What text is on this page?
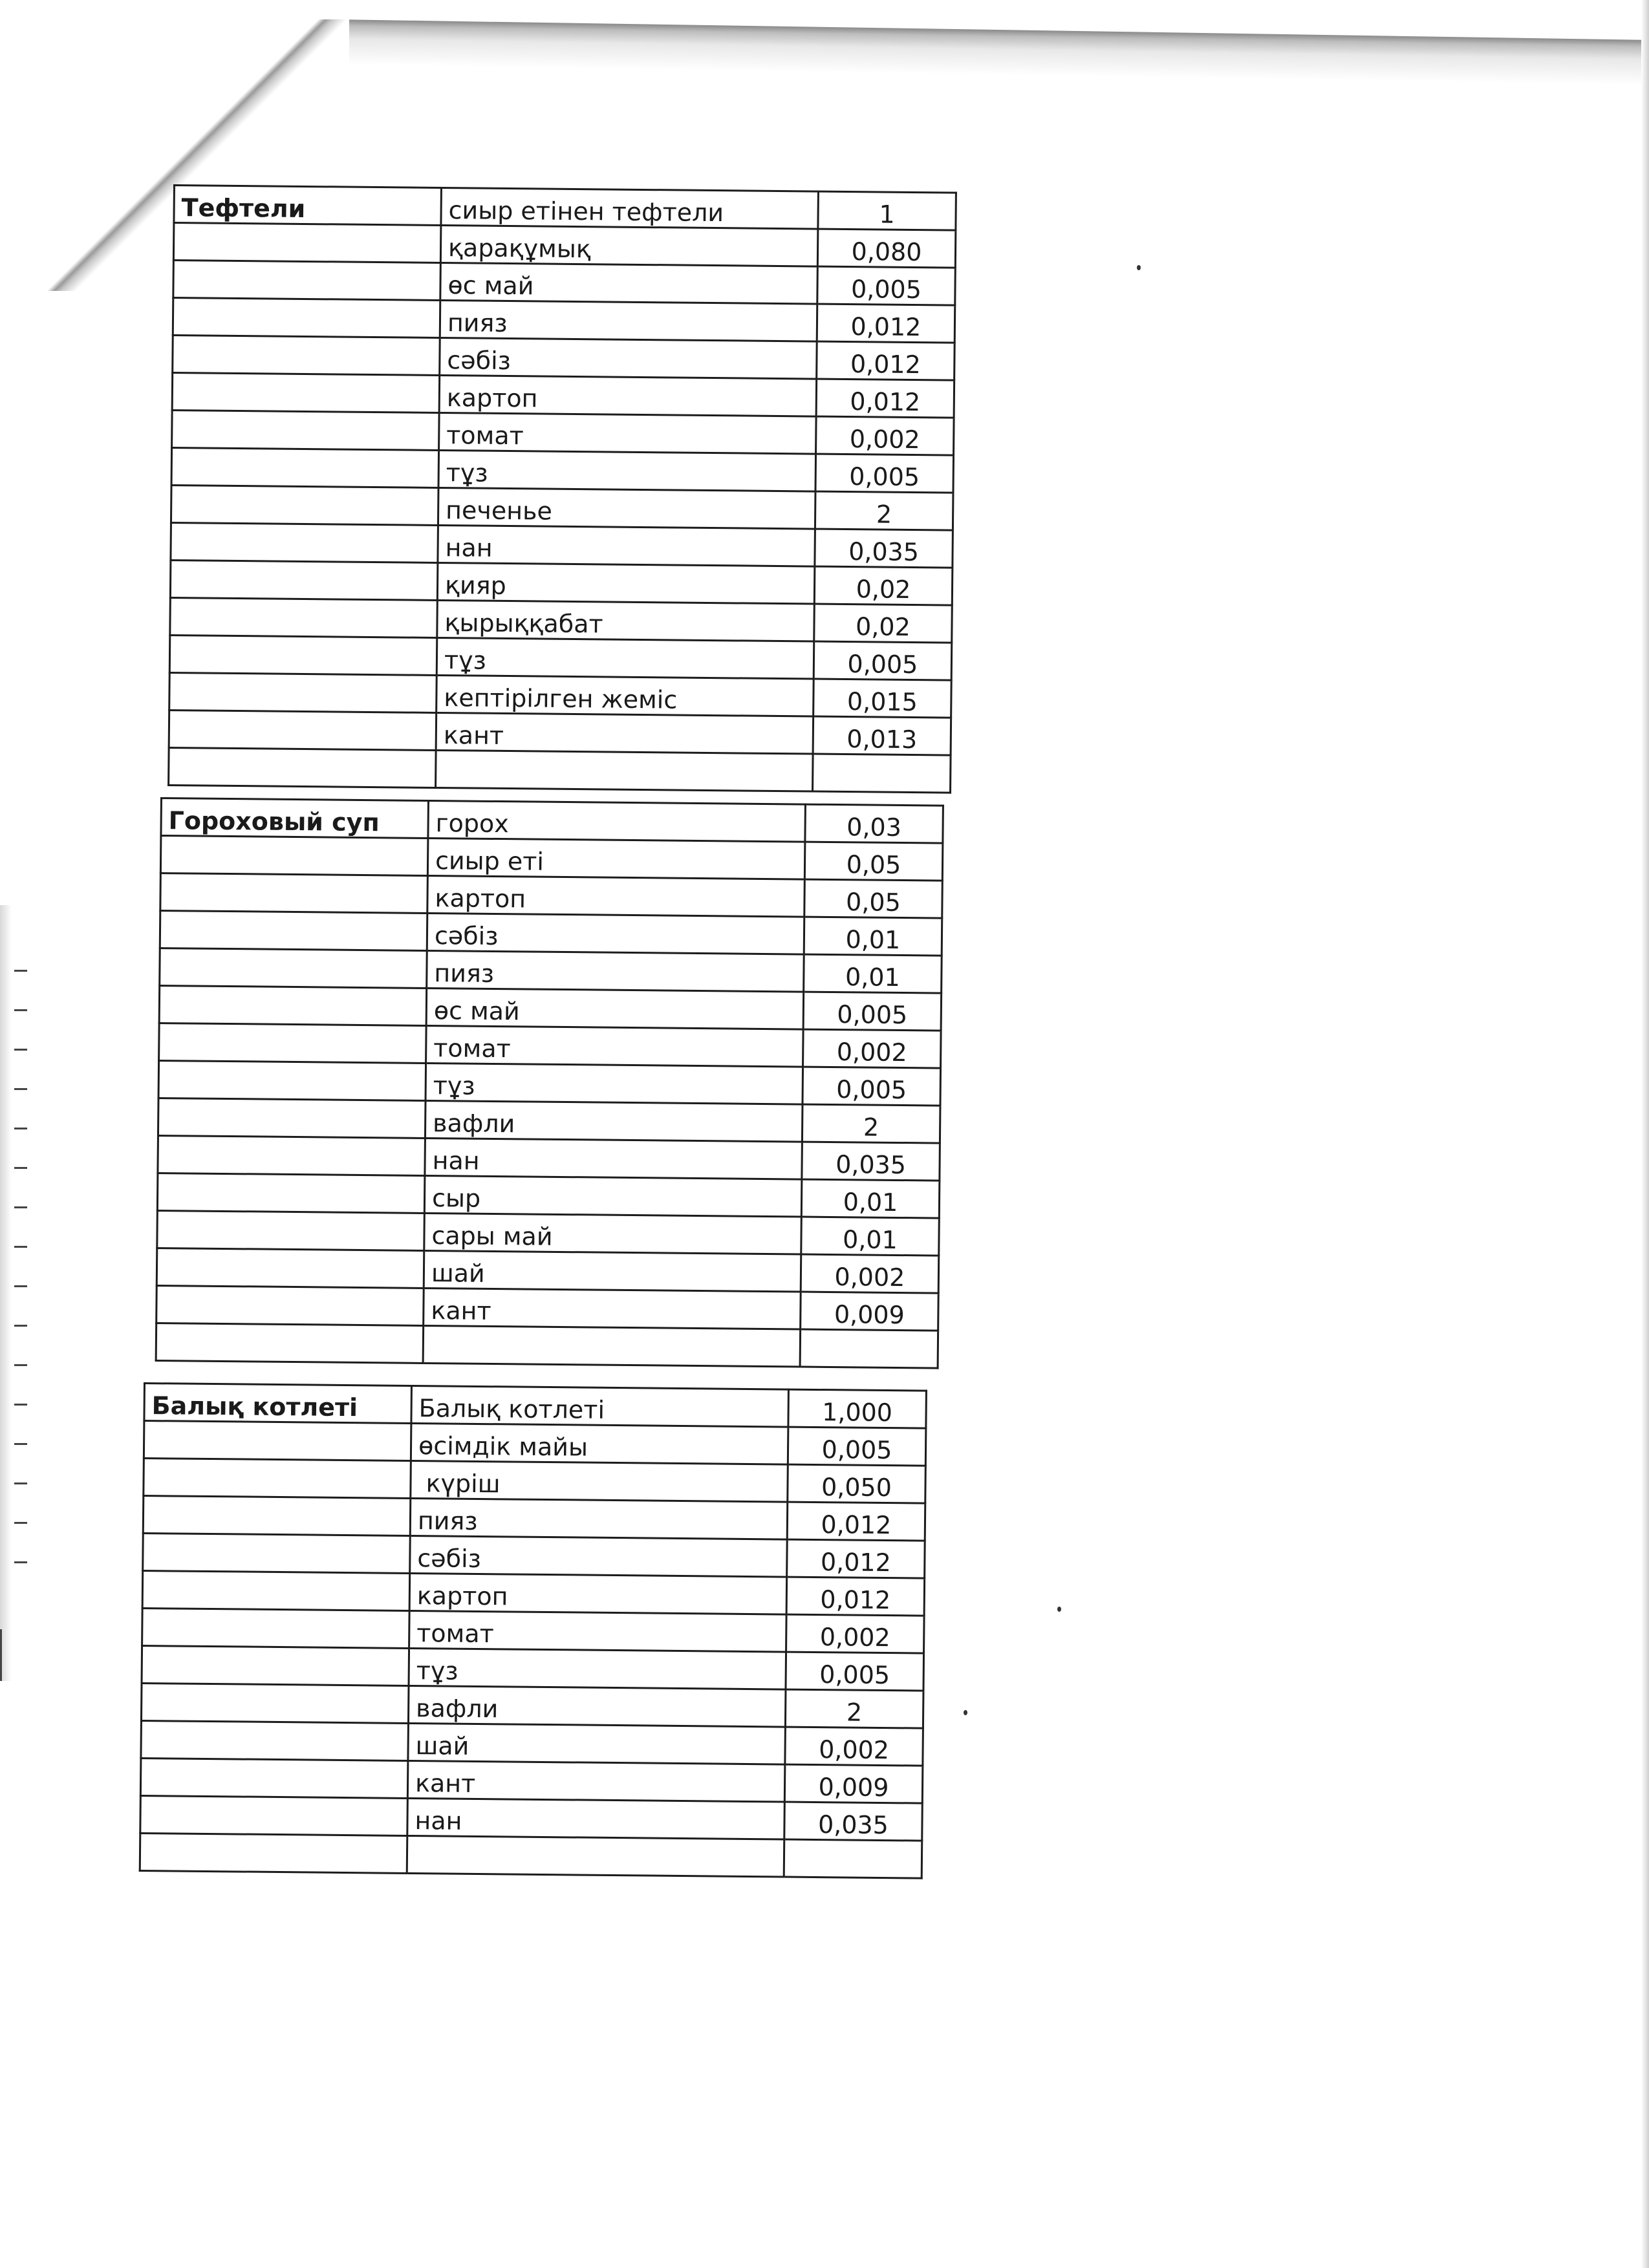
Тефтели	сиыр етінен тефтели	1
	қарақұмық	0,080
	өс май	0,005
	пияз	0,012
	сәбіз	0,012
	картоп	0,012
	томат	0,002
	тұз	0,005
	печенье	2
	нан	0,035
	қияр	0,02
	қырыққабат	0,02
	тұз	0,005
	кептірілген жеміс	0,015
	кант	0,013

Гороховый суп	горох	0,03
	сиыр еті	0,05
	картоп	0,05
	сәбіз	0,01
	пияз	0,01
	өс май	0,005
	томат	0,002
	тұз	0,005
	вафли	2
	нан	0,035
	сыр	0,01
	сары май	0,01
	шай	0,002
	кант	0,009

Балық котлеті	Балық котлеті	1,000
	өсімдік майы	0,005
	күріш	0,050
	пияз	0,012
	сәбіз	0,012
	картоп	0,012
	томат	0,002
	тұз	0,005
	вафли	2
	шай	0,002
	кант	0,009
	нан	0,035
